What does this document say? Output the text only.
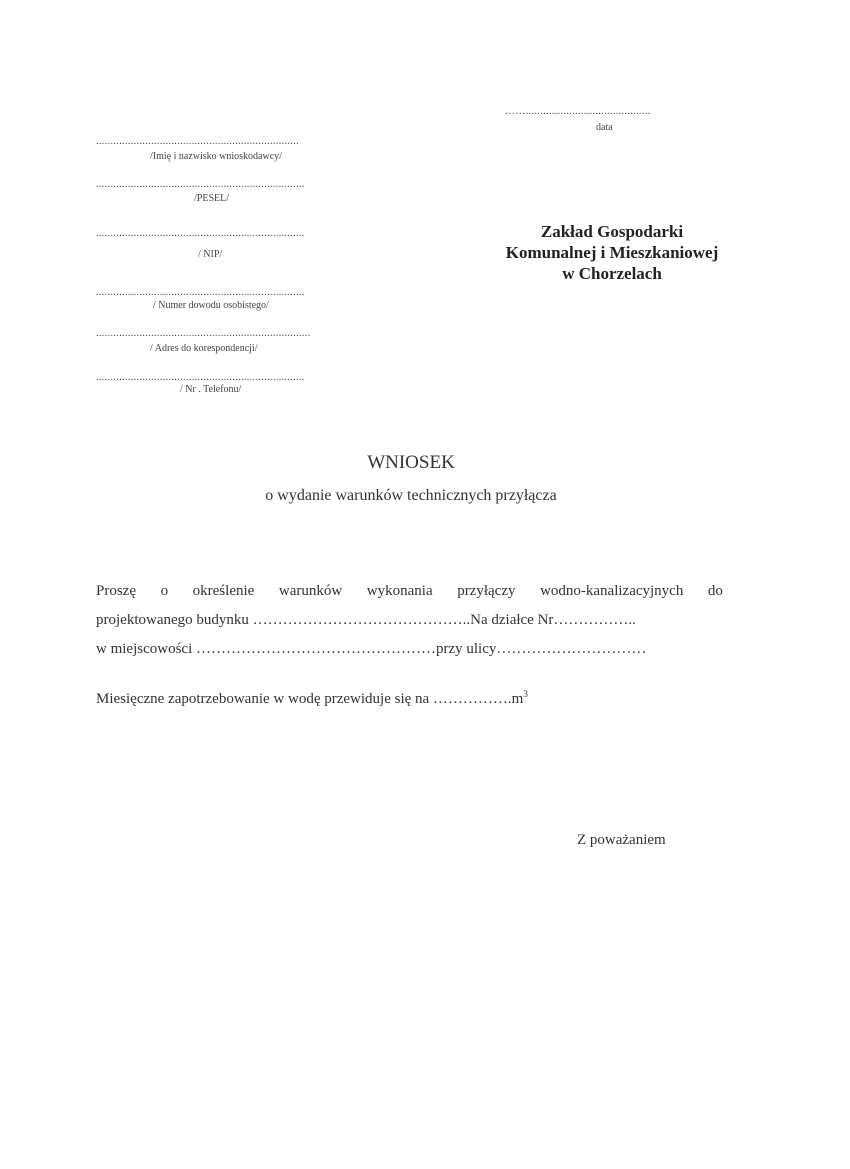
……...........................................
data
......................................................................
/Imię i nazwisko wnioskodawcy/
........................................................................
/PESEL/
........................................................................
/ NIP/
........................................................................
/ Numer dowodu osobistego/
..........................................................................
/ Adres do korespondencji/
........................................................................
/ Nr . Telefonu/
Zakład Gospodarki
Komunalnej i Mieszkaniowej
w Chorzelach
WNIOSEK
o wydanie warunków technicznych przyłącza
Proszę o określenie warunków wykonania przyłączy wodno-kanalizacyjnych do
projektowanego budynku ……………………………………..Na działce Nr……………..
w miejscowości …………………………………………przy ulicy…………………………
Miesięczne zapotrzebowanie w wodę przewiduje się na $\dots\dots\dots\dots\dots.m^3$
Z poważaniem
